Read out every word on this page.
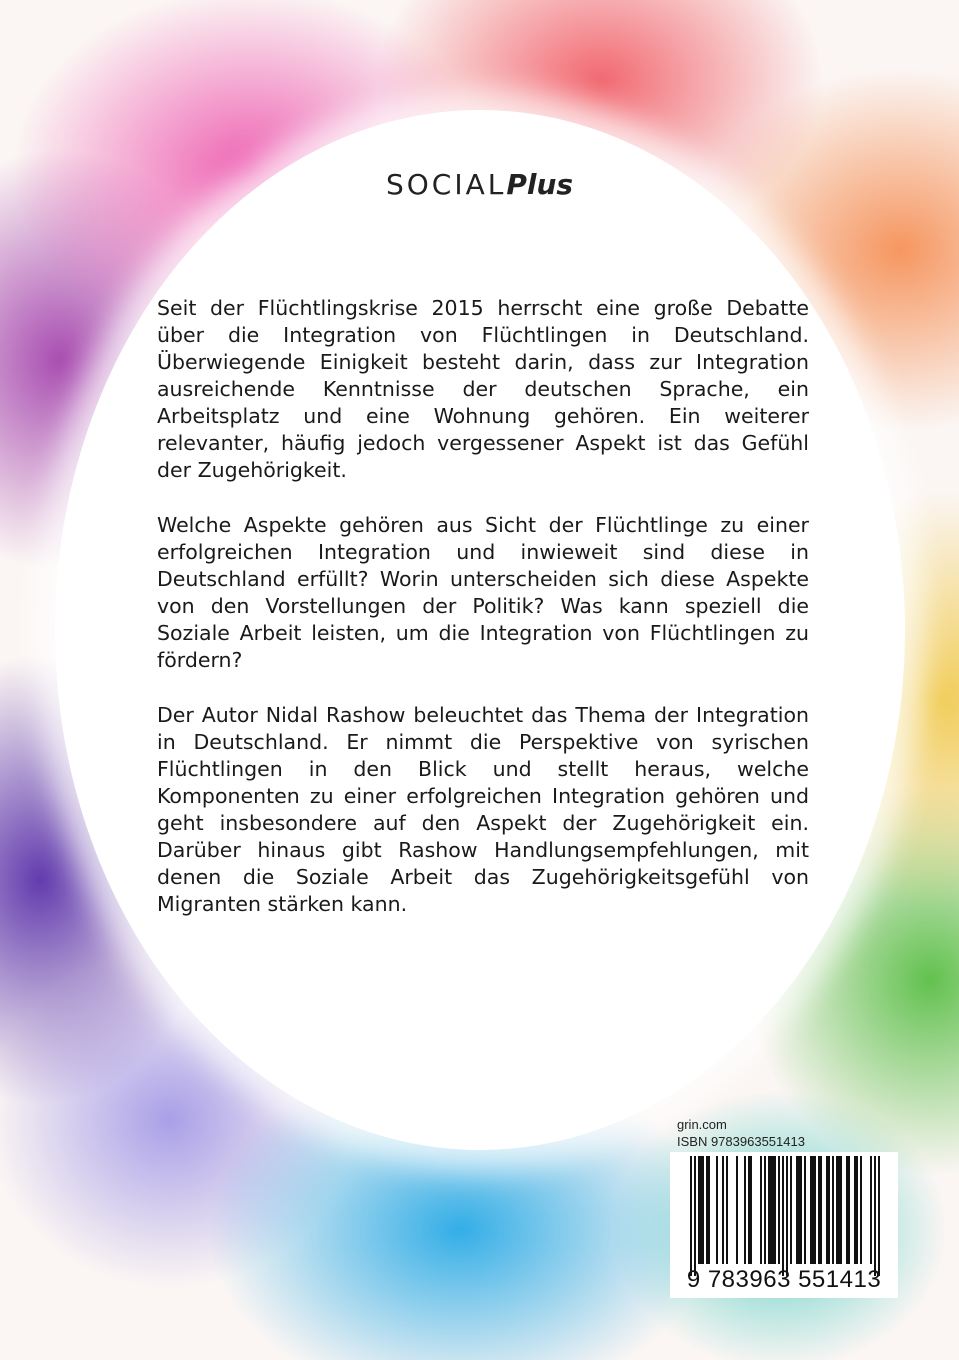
SOCIALPlus

Seit der Flüchtlingskrise 2015 herrscht eine große Debatte über die Integration von Flüchtlingen in Deutschland. Überwiegende Einigkeit besteht darin, dass zur Integration ausreichende Kenntnisse der deutschen Sprache, ein Arbeitsplatz und eine Wohnung gehören. Ein weiterer relevanter, häufig jedoch vergessener Aspekt ist das Gefühl der Zugehörigkeit.

Welche Aspekte gehören aus Sicht der Flüchtlinge zu einer erfolgreichen Integration und inwieweit sind diese in Deutschland erfüllt? Worin unterscheiden sich diese Aspekte von den Vorstellungen der Politik? Was kann speziell die Soziale Arbeit leisten, um die Integration von Flüchtlingen zu fördern?

Der Autor Nidal Rashow beleuchtet das Thema der Integration in Deutschland. Er nimmt die Perspektive von syrischen Flüchtlingen in den Blick und stellt heraus, welche Komponenten zu einer erfolgreichen Integration gehören und geht insbesondere auf den Aspekt der Zugehörigkeit ein. Darüber hinaus gibt Rashow Handlungsempfehlungen, mit denen die Soziale Arbeit das Zugehörigkeitsgefühl von Migranten stärken kann.

grin.com
ISBN 9783963551413
9 783963 551413
